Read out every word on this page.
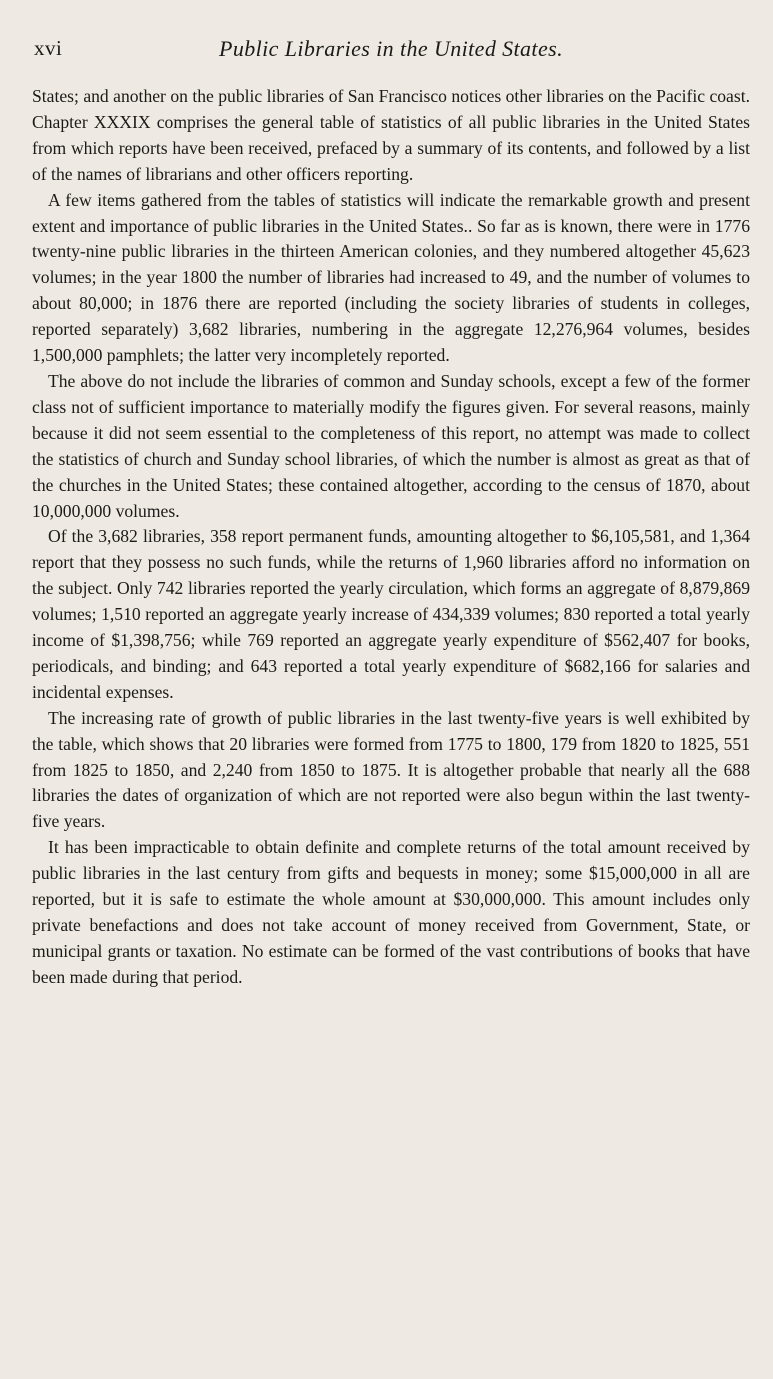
xvi	Public Libraries in the United States.

States; and another on the public libraries of San Francisco notices other libraries on the Pacific coast. Chapter XXXIX comprises the general table of statistics of all public libraries in the United States from which reports have been received, prefaced by a summary of its contents, and followed by a list of the names of librarians and other officers reporting.

A few items gathered from the tables of statistics will indicate the remarkable growth and present extent and importance of public libraries in the United States.. So far as is known, there were in 1776 twenty-nine public libraries in the thirteen American colonies, and they numbered altogether 45,623 volumes; in the year 1800 the number of libraries had increased to 49, and the number of volumes to about 80,000; in 1876 there are reported (including the society libraries of students in colleges, reported separately) 3,682 libraries, numbering in the aggregate 12,276,964 volumes, besides 1,500,000 pamphlets; the latter very incompletely reported.

The above do not include the libraries of common and Sunday schools, except a few of the former class not of sufficient importance to materially modify the figures given. For several reasons, mainly because it did not seem essential to the completeness of this report, no attempt was made to collect the statistics of church and Sunday school libraries, of which the number is almost as great as that of the churches in the United States; these contained altogether, according to the census of 1870, about 10,000,000 volumes.

Of the 3,682 libraries, 358 report permanent funds, amounting altogether to $6,105,581, and 1,364 report that they possess no such funds, while the returns of 1,960 libraries afford no information on the subject. Only 742 libraries reported the yearly circulation, which forms an aggregate of 8,879,869 volumes; 1,510 reported an aggregate yearly increase of 434,339 volumes; 830 reported a total yearly income of $1,398,756; while 769 reported an aggregate yearly expenditure of $562,407 for books, periodicals, and binding; and 643 reported a total yearly expenditure of $682,166 for salaries and incidental expenses.

The increasing rate of growth of public libraries in the last twenty-five years is well exhibited by the table, which shows that 20 libraries were formed from 1775 to 1800, 179 from 1820 to 1825, 551 from 1825 to 1850, and 2,240 from 1850 to 1875. It is altogether probable that nearly all the 688 libraries the dates of organization of which are not reported were also begun within the last twenty-five years.

It has been impracticable to obtain definite and complete returns of the total amount received by public libraries in the last century from gifts and bequests in money; some $15,000,000 in all are reported, but it is safe to estimate the whole amount at $30,000,000. This amount includes only private benefactions and does not take account of money received from Government, State, or municipal grants or taxation. No estimate can be formed of the vast contributions of books that have been made during that period.
